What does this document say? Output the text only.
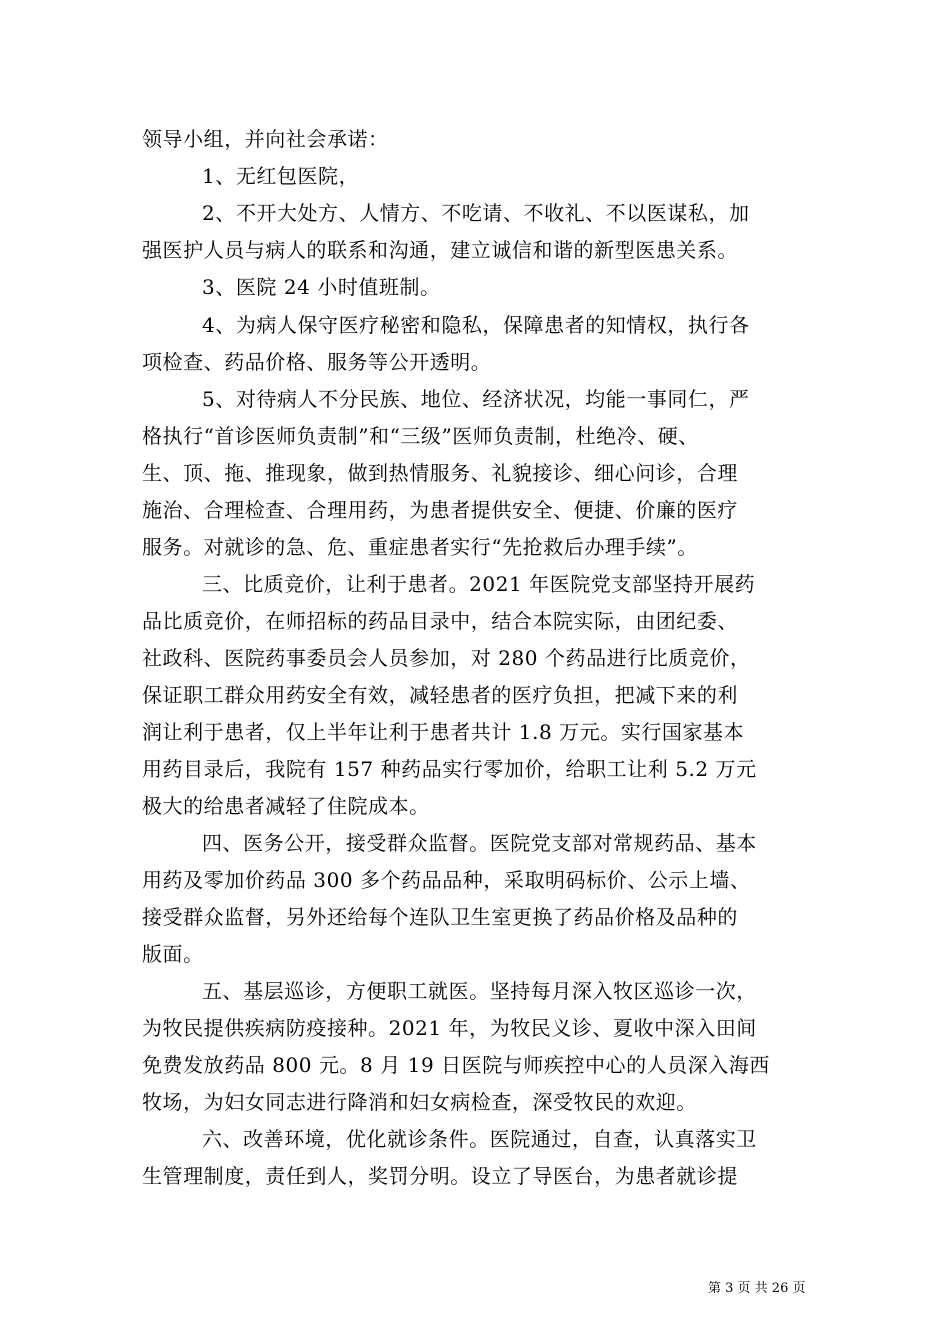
领导小组，并向社会承诺：
1、无红包医院，
2、不开大处方、人情方、不吃请、不收礼、不以医谋私，加
强医护人员与病人的联系和沟通，建立诚信和谐的新型医患关系。
3、医院 24 小时值班制。
4、为病人保守医疗秘密和隐私，保障患者的知情权，执行各
项检查、药品价格、服务等公开透明。
5、对待病人不分民族、地位、经济状况，均能一事同仁，严
格执行“首诊医师负责制”和“三级”医师负责制，杜绝冷、硬、
生、顶、拖、推现象，做到热情服务、礼貌接诊、细心问诊，合理
施治、合理检查、合理用药，为患者提供安全、便捷、价廉的医疗
服务。对就诊的急、危、重症患者实行“先抢救后办理手续”。
三、比质竞价，让利于患者。2021 年医院党支部坚持开展药
品比质竞价，在师招标的药品目录中，结合本院实际，由团纪委、
社政科、医院药事委员会人员参加，对 280 个药品进行比质竞价，
保证职工群众用药安全有效，减轻患者的医疗负担，把减下来的利
润让利于患者，仅上半年让利于患者共计 1.8 万元。实行国家基本
用药目录后，我院有 157 种药品实行零加价，给职工让利 5.2 万元
极大的给患者减轻了住院成本。
四、医务公开，接受群众监督。医院党支部对常规药品、基本
用药及零加价药品 300 多个药品品种，采取明码标价、公示上墙、
接受群众监督，另外还给每个连队卫生室更换了药品价格及品种的
版面。
五、基层巡诊，方便职工就医。坚持每月深入牧区巡诊一次，
为牧民提供疾病防疫接种。2021 年，为牧民义诊、夏收中深入田间
免费发放药品 800 元。8 月 19 日医院与师疾控中心的人员深入海西
牧场，为妇女同志进行降消和妇女病检查，深受牧民的欢迎。
六、改善环境，优化就诊条件。医院通过，自查，认真落实卫
生管理制度，责任到人，奖罚分明。设立了导医台，为患者就诊提
第 3 页 共 26 页
